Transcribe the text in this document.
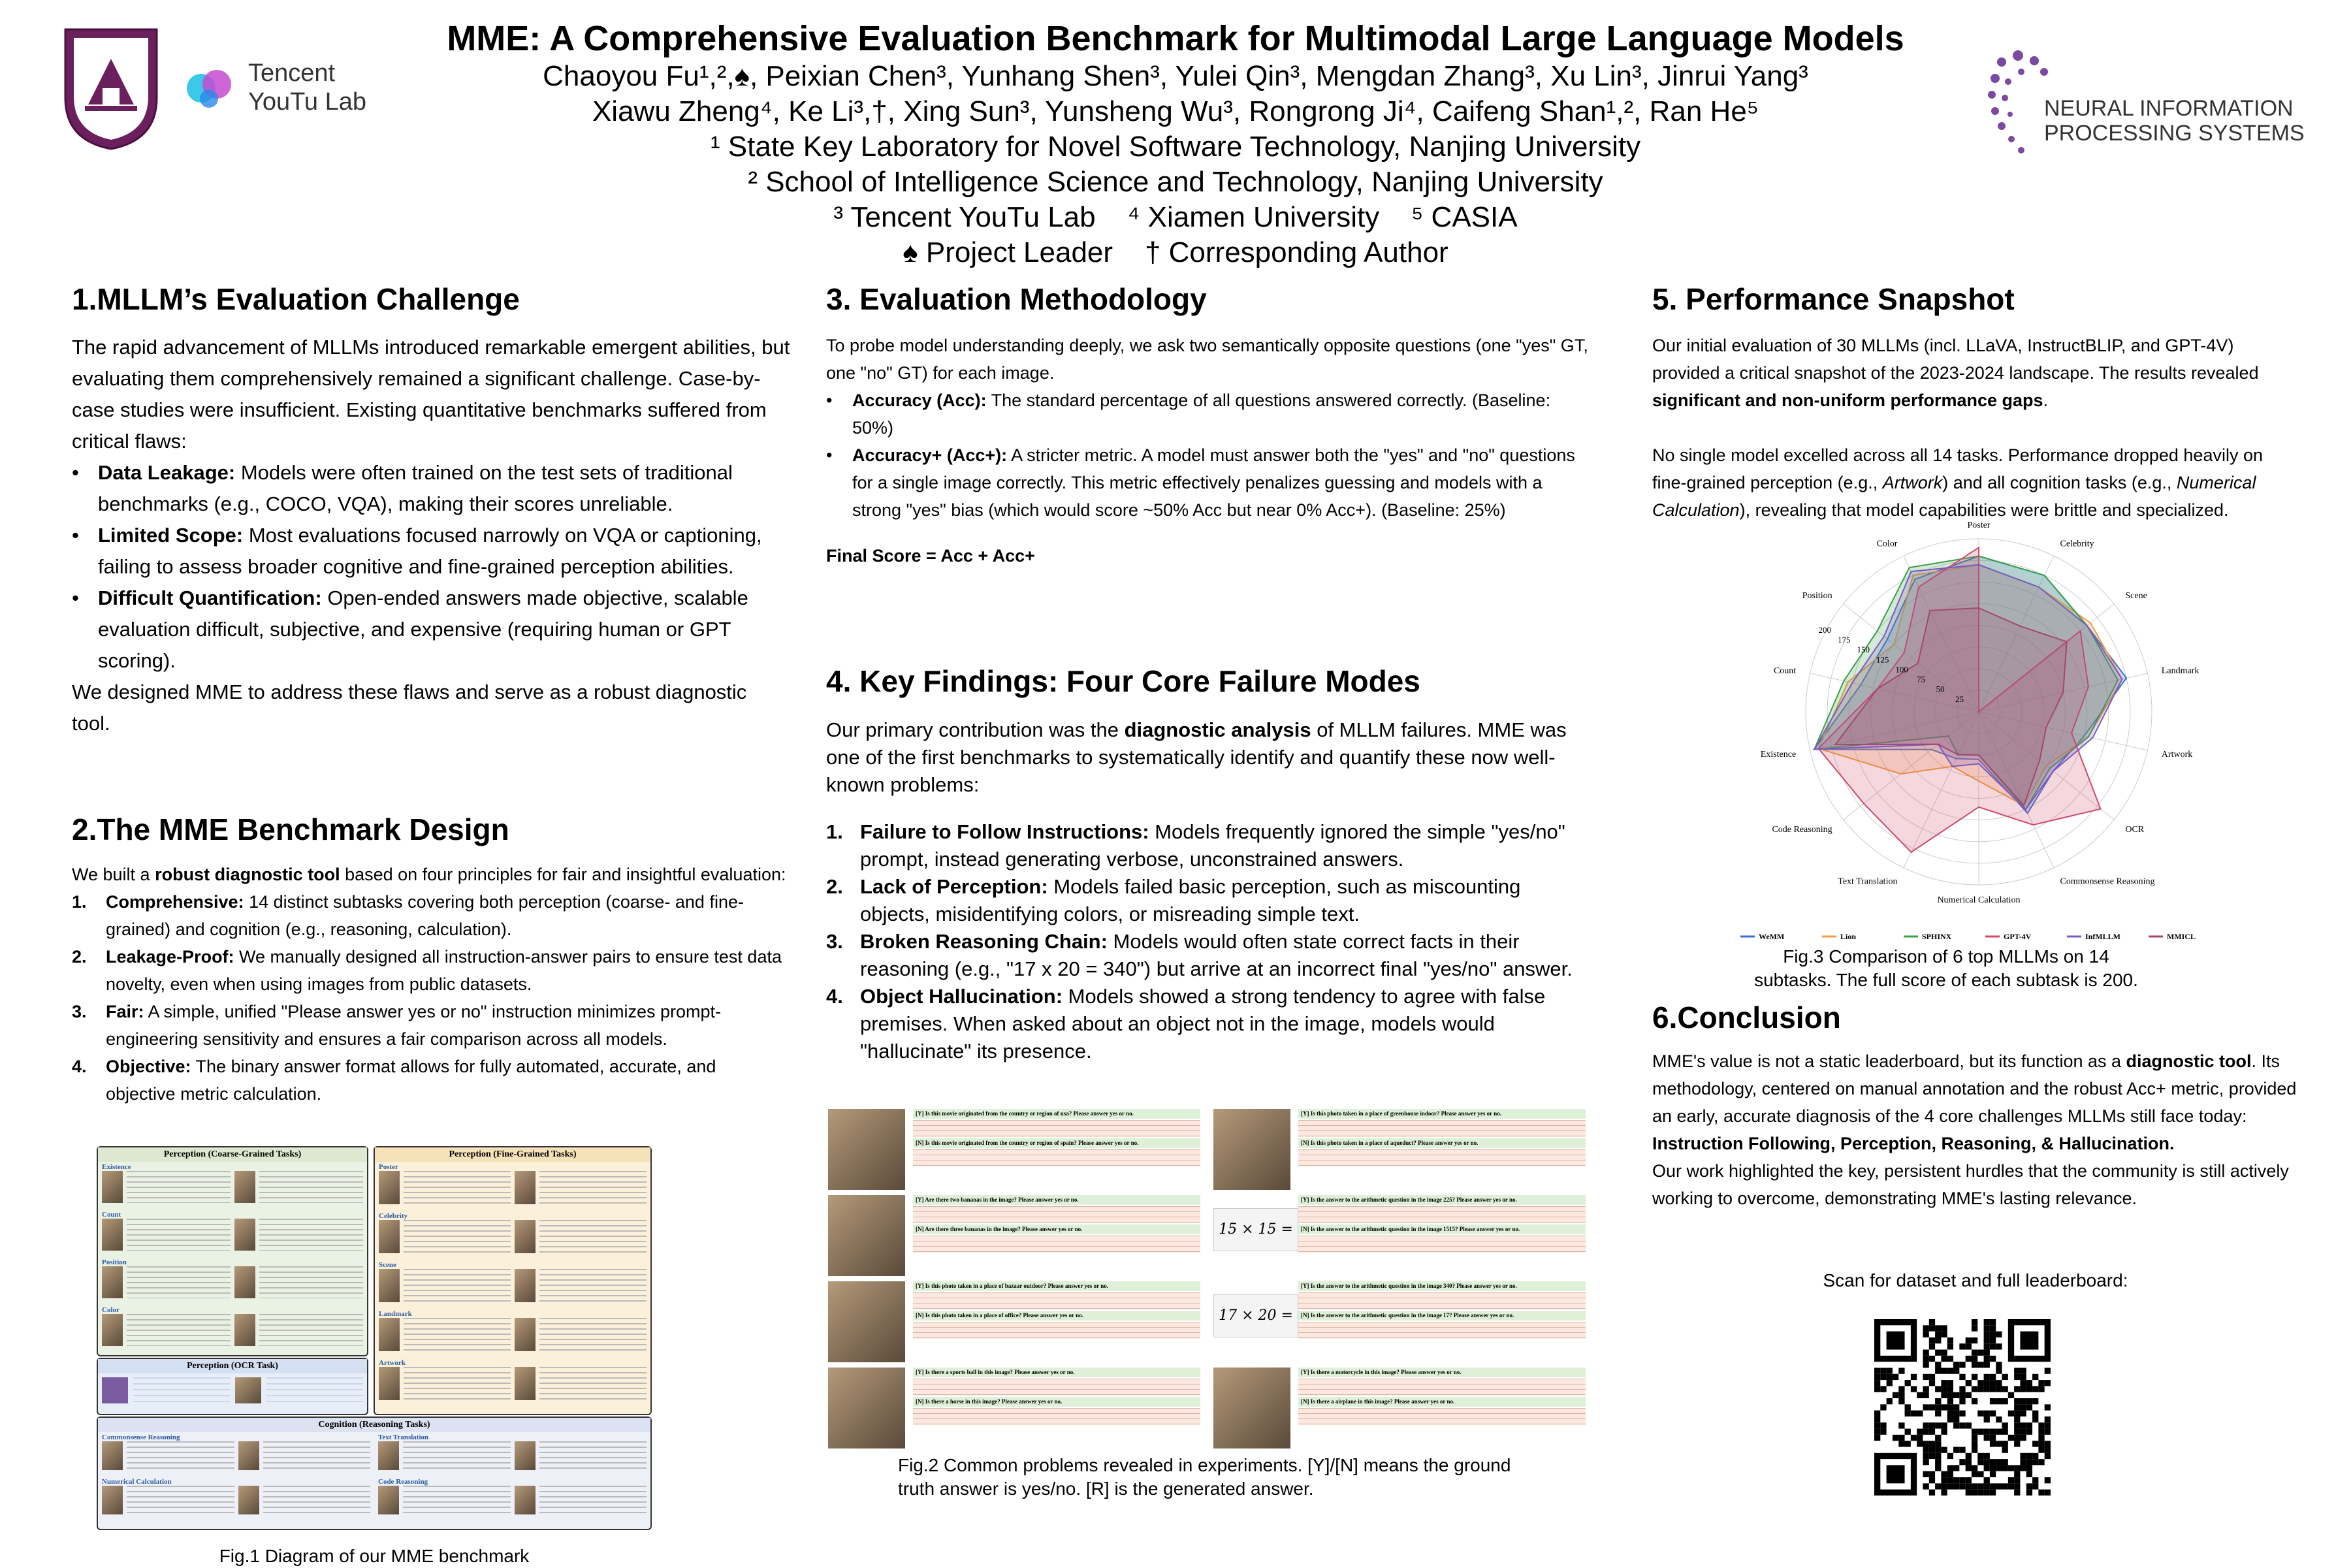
Tencent
YouTu Lab	NEURAL INFORMATION
PROCESSING SYSTEMS
MME: A Comprehensive Evaluation Benchmark for Multimodal Large Language Models
Chaoyou Fu¹,²,♠, Peixian Chen³, Yunhang Shen³, Yulei Qin³, Mengdan Zhang³, Xu Lin³, Jinrui Yang³
Xiawu Zheng⁴, Ke Li³,†, Xing Sun³, Yunsheng Wu³, Rongrong Ji⁴, Caifeng Shan¹,², Ran He⁵
¹ State Key Laboratory for Novel Software Technology, Nanjing University
² School of Intelligence Science and Technology, Nanjing University
³ Tencent YouTu Lab    ⁴ Xiamen University    ⁵ CASIA
♠ Project Leader    † Corresponding Author
1.MLLM’s Evaluation Challenge

The rapid advancement of MLLMs introduced remarkable emergent abilities, but evaluating them comprehensively remained a significant challenge. Case-by-case studies were insufficient. Existing quantitative benchmarks suffered from critical flaws:

• Data Leakage: Models were often trained on the test sets of traditional benchmarks (e.g., COCO, VQA), making their scores unreliable.
• Limited Scope: Most evaluations focused narrowly on VQA or captioning, failing to assess broader cognitive and fine-grained perception abilities.
• Difficult Quantification: Open-ended answers made objective, scalable evaluation difficult, subjective, and expensive (requiring human or GPT scoring).

We designed MME to address these flaws and serve as a robust diagnostic tool.

2.The MME Benchmark Design

We built a robust diagnostic tool based on four principles for fair and insightful evaluation:

1. Comprehensive: 14 distinct subtasks covering both perception (coarse- and fine-grained) and cognition (e.g., reasoning, calculation).
2. Leakage-Proof: We manually designed all instruction-answer pairs to ensure test data novelty, even when using images from public datasets.
3. Fair: A simple, unified "Please answer yes or no" instruction minimizes prompt-engineering sensitivity and ensures a fair comparison across all models.
4. Objective: The binary answer format allows for fully automated, accurate, and objective metric calculation.
Perception (Coarse-Grained Tasks)
Existence
Count
Position
Color
Perception (Fine-Grained Tasks)
Poster
Celebrity
Scene
Landmark
Artwork
Perception (OCR Task)
Cognition (Reasoning Tasks)
Commonsense Reasoning	Text Translation
Numerical Calculation	Code Reasoning
Fig.1 Diagram of our MME benchmark
3. Evaluation Methodology

To probe model understanding deeply, we ask two semantically opposite questions (one "yes" GT, one "no" GT) for each image.

• Accuracy (Acc): The standard percentage of all questions answered correctly. (Baseline: 50%)
• Accuracy+ (Acc+): A stricter metric. A model must answer both the "yes" and "no" questions for a single image correctly. This metric effectively penalizes guessing and models with a strong "yes" bias (which would score ~50% Acc but near 0% Acc+). (Baseline: 25%)

Final Score = Acc + Acc+

4. Key Findings: Four Core Failure Modes

Our primary contribution was the diagnostic analysis of MLLM failures. MME was one of the first benchmarks to systematically identify and quantify these now well-known problems:

1. Failure to Follow Instructions: Models frequently ignored the simple "yes/no" prompt, instead generating verbose, unconstrained answers.
2. Lack of Perception: Models failed basic perception, such as miscounting objects, misidentifying colors, or misreading simple text.
3. Broken Reasoning Chain: Models would often state correct facts in their reasoning (e.g., "17 x 20 = 340") but arrive at an incorrect final "yes/no" answer.
4. Object Hallucination: Models showed a strong tendency to agree with false premises. When asked about an object not in the image, models would "hallucinate" its presence.
[Y] Is this movie originated from the country or region of usa? Please answer yes or no.
[N] Is this movie originated from the country or region of spain? Please answer yes or no.
[Y] Is this photo taken in a place of greenhouse indoor? Please answer yes or no.
[N] Is this photo taken in a place of aqueduct? Please answer yes or no.
[Y] Are there two bananas in the image? Please answer yes or no.
[N] Are there three bananas in the image? Please answer yes or no.	15 × 15 =
[Y] Is the answer to the arithmetic question in the image 225? Please answer yes or no.
[N] Is the answer to the arithmetic question in the image 1515? Please answer yes or no.
[Y] Is this photo taken in a place of bazaar outdoor? Please answer yes or no.
[N] Is this photo taken in a place of office? Please answer yes or no.	17 × 20 =
[Y] Is the answer to the arithmetic question in the image 340? Please answer yes or no.
[N] Is the answer to the arithmetic question in the image 17? Please answer yes or no.
[Y] Is there a sports ball in this image? Please answer yes or no.
[N] Is there a horse in this image? Please answer yes or no.
[Y] Is there a motorcycle in this image? Please answer yes or no.
[N] Is there a airplane in this image? Please answer yes or no.
Fig.2 Common problems revealed in experiments. [Y]/[N] means the ground truth answer is yes/no. [R] is the generated answer.
5. Performance Snapshot

Our initial evaluation of 30 MLLMs (incl. LLaVA, InstructBLIP, and GPT-4V) provided a critical snapshot of the 2023-2024 landscape. The results revealed significant and non-uniform performance gaps.

No single model excelled across all 14 tasks. Performance dropped heavily on fine-grained perception (e.g., Artwork) and all cognition tasks (e.g., Numerical Calculation), revealing that model capabilities were brittle and specialized.

Existence
Count
Position
Color
Poster
Celebrity
Scene
Landmark
Artwork
OCR
Commonsense Reasoning
Numerical Calculation
Text Translation
Code Reasoning
25
50
75
100
125
150
175
200
WeMM	Lion	SPHINX	GPT-4V	InfMLLM	MMICL
Fig.3 Comparison of 6 top MLLMs on 14 subtasks. The full score of each subtask is 200.
6.Conclusion

MME's value is not a static leaderboard, but its function as a diagnostic tool. Its methodology, centered on manual annotation and the robust Acc+ metric, provided an early, accurate diagnosis of the 4 core challenges MLLMs still face today: Instruction Following, Perception, Reasoning, & Hallucination.

Our work highlighted the key, persistent hurdles that the community is still actively working to overcome, demonstrating MME's lasting relevance.

Scan for dataset and full leaderboard:
